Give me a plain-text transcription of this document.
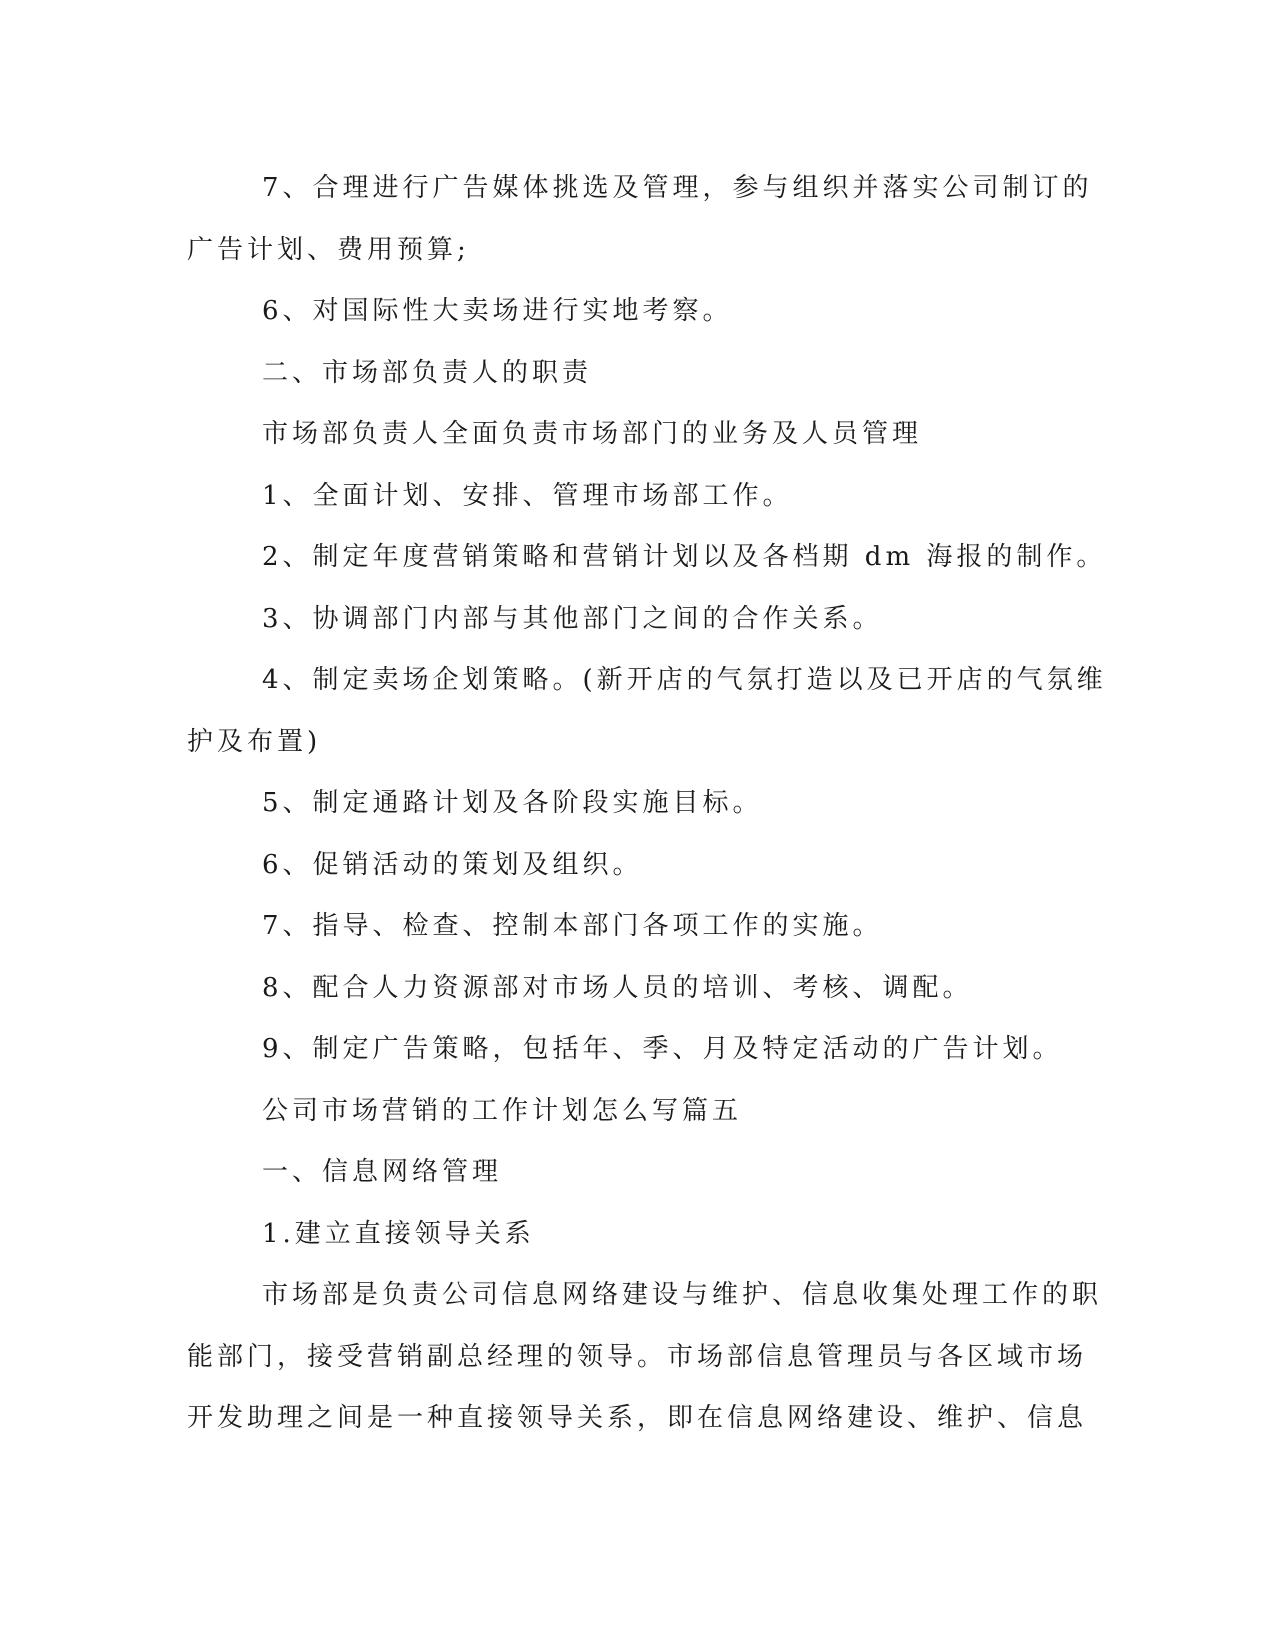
7、合理进行广告媒体挑选及管理，参与组织并落实公司制订的

广告计划、费用预算;

6、对国际性大卖场进行实地考察。

二、市场部负责人的职责

市场部负责人全面负责市场部门的业务及人员管理

1、全面计划、安排、管理市场部工作。

2、制定年度营销策略和营销计划以及各档期 dm 海报的制作。

3、协调部门内部与其他部门之间的合作关系。

4、制定卖场企划策略。(新开店的气氛打造以及已开店的气氛维

护及布置)

5、制定通路计划及各阶段实施目标。

6、促销活动的策划及组织。

7、指导、检查、控制本部门各项工作的实施。

8、配合人力资源部对市场人员的培训、考核、调配。

9、制定广告策略，包括年、季、月及特定活动的广告计划。

公司市场营销的工作计划怎么写篇五

一、信息网络管理

1.建立直接领导关系

市场部是负责公司信息网络建设与维护、信息收集处理工作的职

能部门，接受营销副总经理的领导。市场部信息管理员与各区域市场

开发助理之间是一种直接领导关系，即在信息网络建设、维护、信息
